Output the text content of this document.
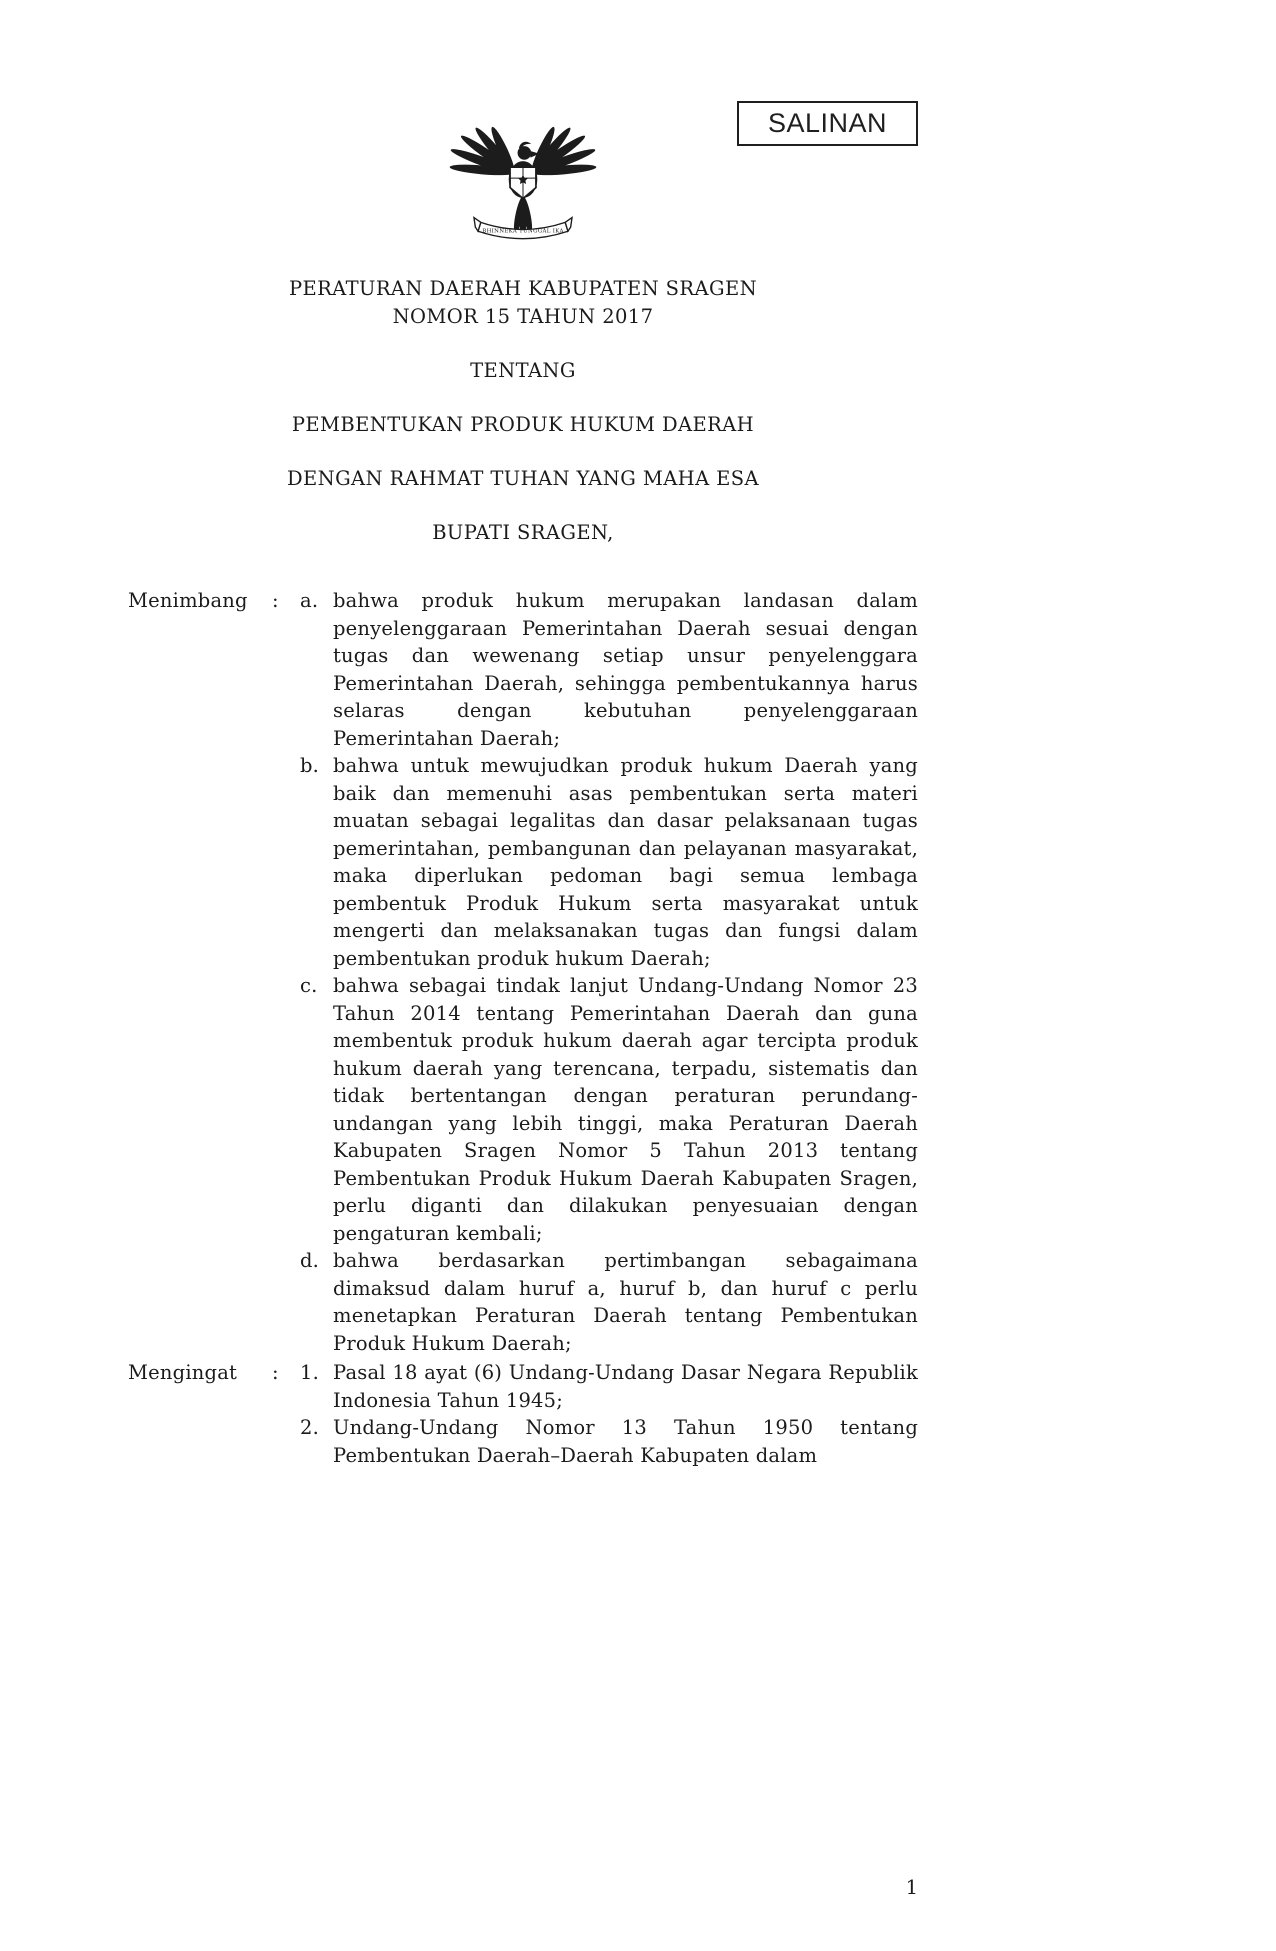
SALINAN
BHINNEKA TUNGGAL IKA
PERATURAN DAERAH KABUPATEN SRAGEN
NOMOR 15 TAHUN 2017
TENTANG
PEMBENTUKAN PRODUK HUKUM DAERAH
DENGAN RAHMAT TUHAN YANG MAHA ESA
BUPATI SRAGEN,
Menimbang	:	a. bahwa produk hukum merupakan landasan dalam penyelenggaraan Pemerintahan Daerah sesuai dengan tugas dan wewenang setiap unsur penyelenggara Pemerintahan Daerah, sehingga pembentukannya harus selaras dengan kebutuhan penyelenggaraan Pemerintahan Daerah;
b. bahwa untuk mewujudkan produk hukum Daerah yang baik dan memenuhi asas pembentukan serta materi muatan sebagai legalitas dan dasar pelaksanaan tugas pemerintahan, pembangunan dan pelayanan masyarakat, maka diperlukan pedoman bagi semua lembaga pembentuk Produk Hukum serta masyarakat untuk mengerti dan melaksanakan tugas dan fungsi dalam pembentukan produk hukum Daerah;
c. bahwa sebagai tindak lanjut Undang-Undang Nomor 23 Tahun 2014 tentang Pemerintahan Daerah dan guna membentuk produk hukum daerah agar tercipta produk hukum daerah yang terencana, terpadu, sistematis dan tidak bertentangan dengan peraturan perundang-undangan yang lebih tinggi, maka Peraturan Daerah Kabupaten Sragen Nomor 5 Tahun 2013 tentang Pembentukan Produk Hukum Daerah Kabupaten Sragen, perlu diganti dan dilakukan penyesuaian dengan pengaturan kembali;
d. bahwa berdasarkan pertimbangan sebagaimana dimaksud dalam huruf a, huruf b, dan huruf c perlu menetapkan Peraturan Daerah tentang Pembentukan Produk Hukum Daerah;
Mengingat	:	1. Pasal 18 ayat (6) Undang-Undang Dasar Negara Republik Indonesia Tahun 1945;
2. Undang-Undang Nomor 13 Tahun 1950 tentang Pembentukan Daerah–Daerah Kabupaten dalam
1
